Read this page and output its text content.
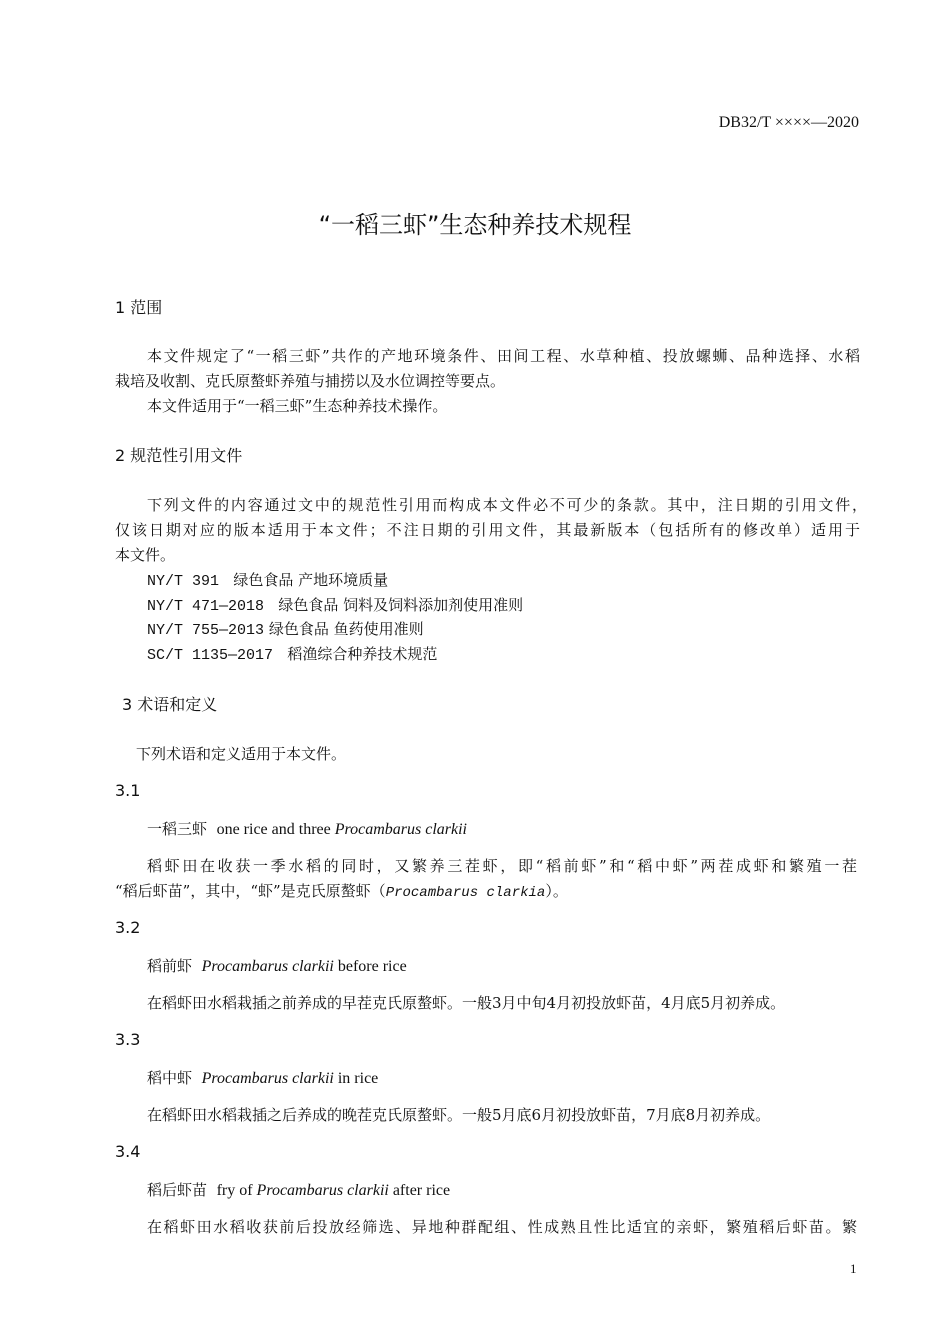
DB32/T ××××—2020
“一稻三虾”生态种养技术规程
1 范围
本文件规定了“一稻三虾”共作的产地环境条件、田间工程、水草种植、投放螺蛳、品种选择、水稻
栽培及收割、克氏原螯虾养殖与捕捞以及水位调控等要点。
本文件适用于“一稻三虾”生态种养技术操作。
2 规范性引用文件
下列文件的内容通过文中的规范性引用而构成本文件必不可少的条款。其中，注日期的引用文件，
仅该日期对应的版本适用于本文件；不注日期的引用文件，其最新版本（包括所有的修改单）适用于
本文件。
NY/T 391 绿色食品 产地环境质量
NY/T 471—2018 绿色食品 饲料及饲料添加剂使用准则
NY/T 755—2013 绿色食品 鱼药使用准则
SC/T 1135—2017 稻渔综合种养技术规范
3 术语和定义
下列术语和定义适用于本文件。
3.1
一稻三虾 one rice and three Procambarus clarkii
稻虾田在收获一季水稻的同时，又繁养三茬虾，即“稻前虾”和“稻中虾”两茬成虾和繁殖一茬
“稻后虾苗”，其中，“虾”是克氏原螯虾（Procambarus clarkia）。
3.2
稻前虾 Procambarus clarkii before rice
在稻虾田水稻栽插之前养成的早茬克氏原螯虾。一般3月中旬4月初投放虾苗，4月底5月初养成。
3.3
稻中虾 Procambarus clarkii in rice
在稻虾田水稻栽插之后养成的晚茬克氏原螯虾。一般5月底6月初投放虾苗，7月底8月初养成。
3.4
稻后虾苗 fry of Procambarus clarkii after rice
在稻虾田水稻收获前后投放经筛选、异地种群配组、性成熟且性比适宜的亲虾，繁殖稻后虾苗。繁
1
